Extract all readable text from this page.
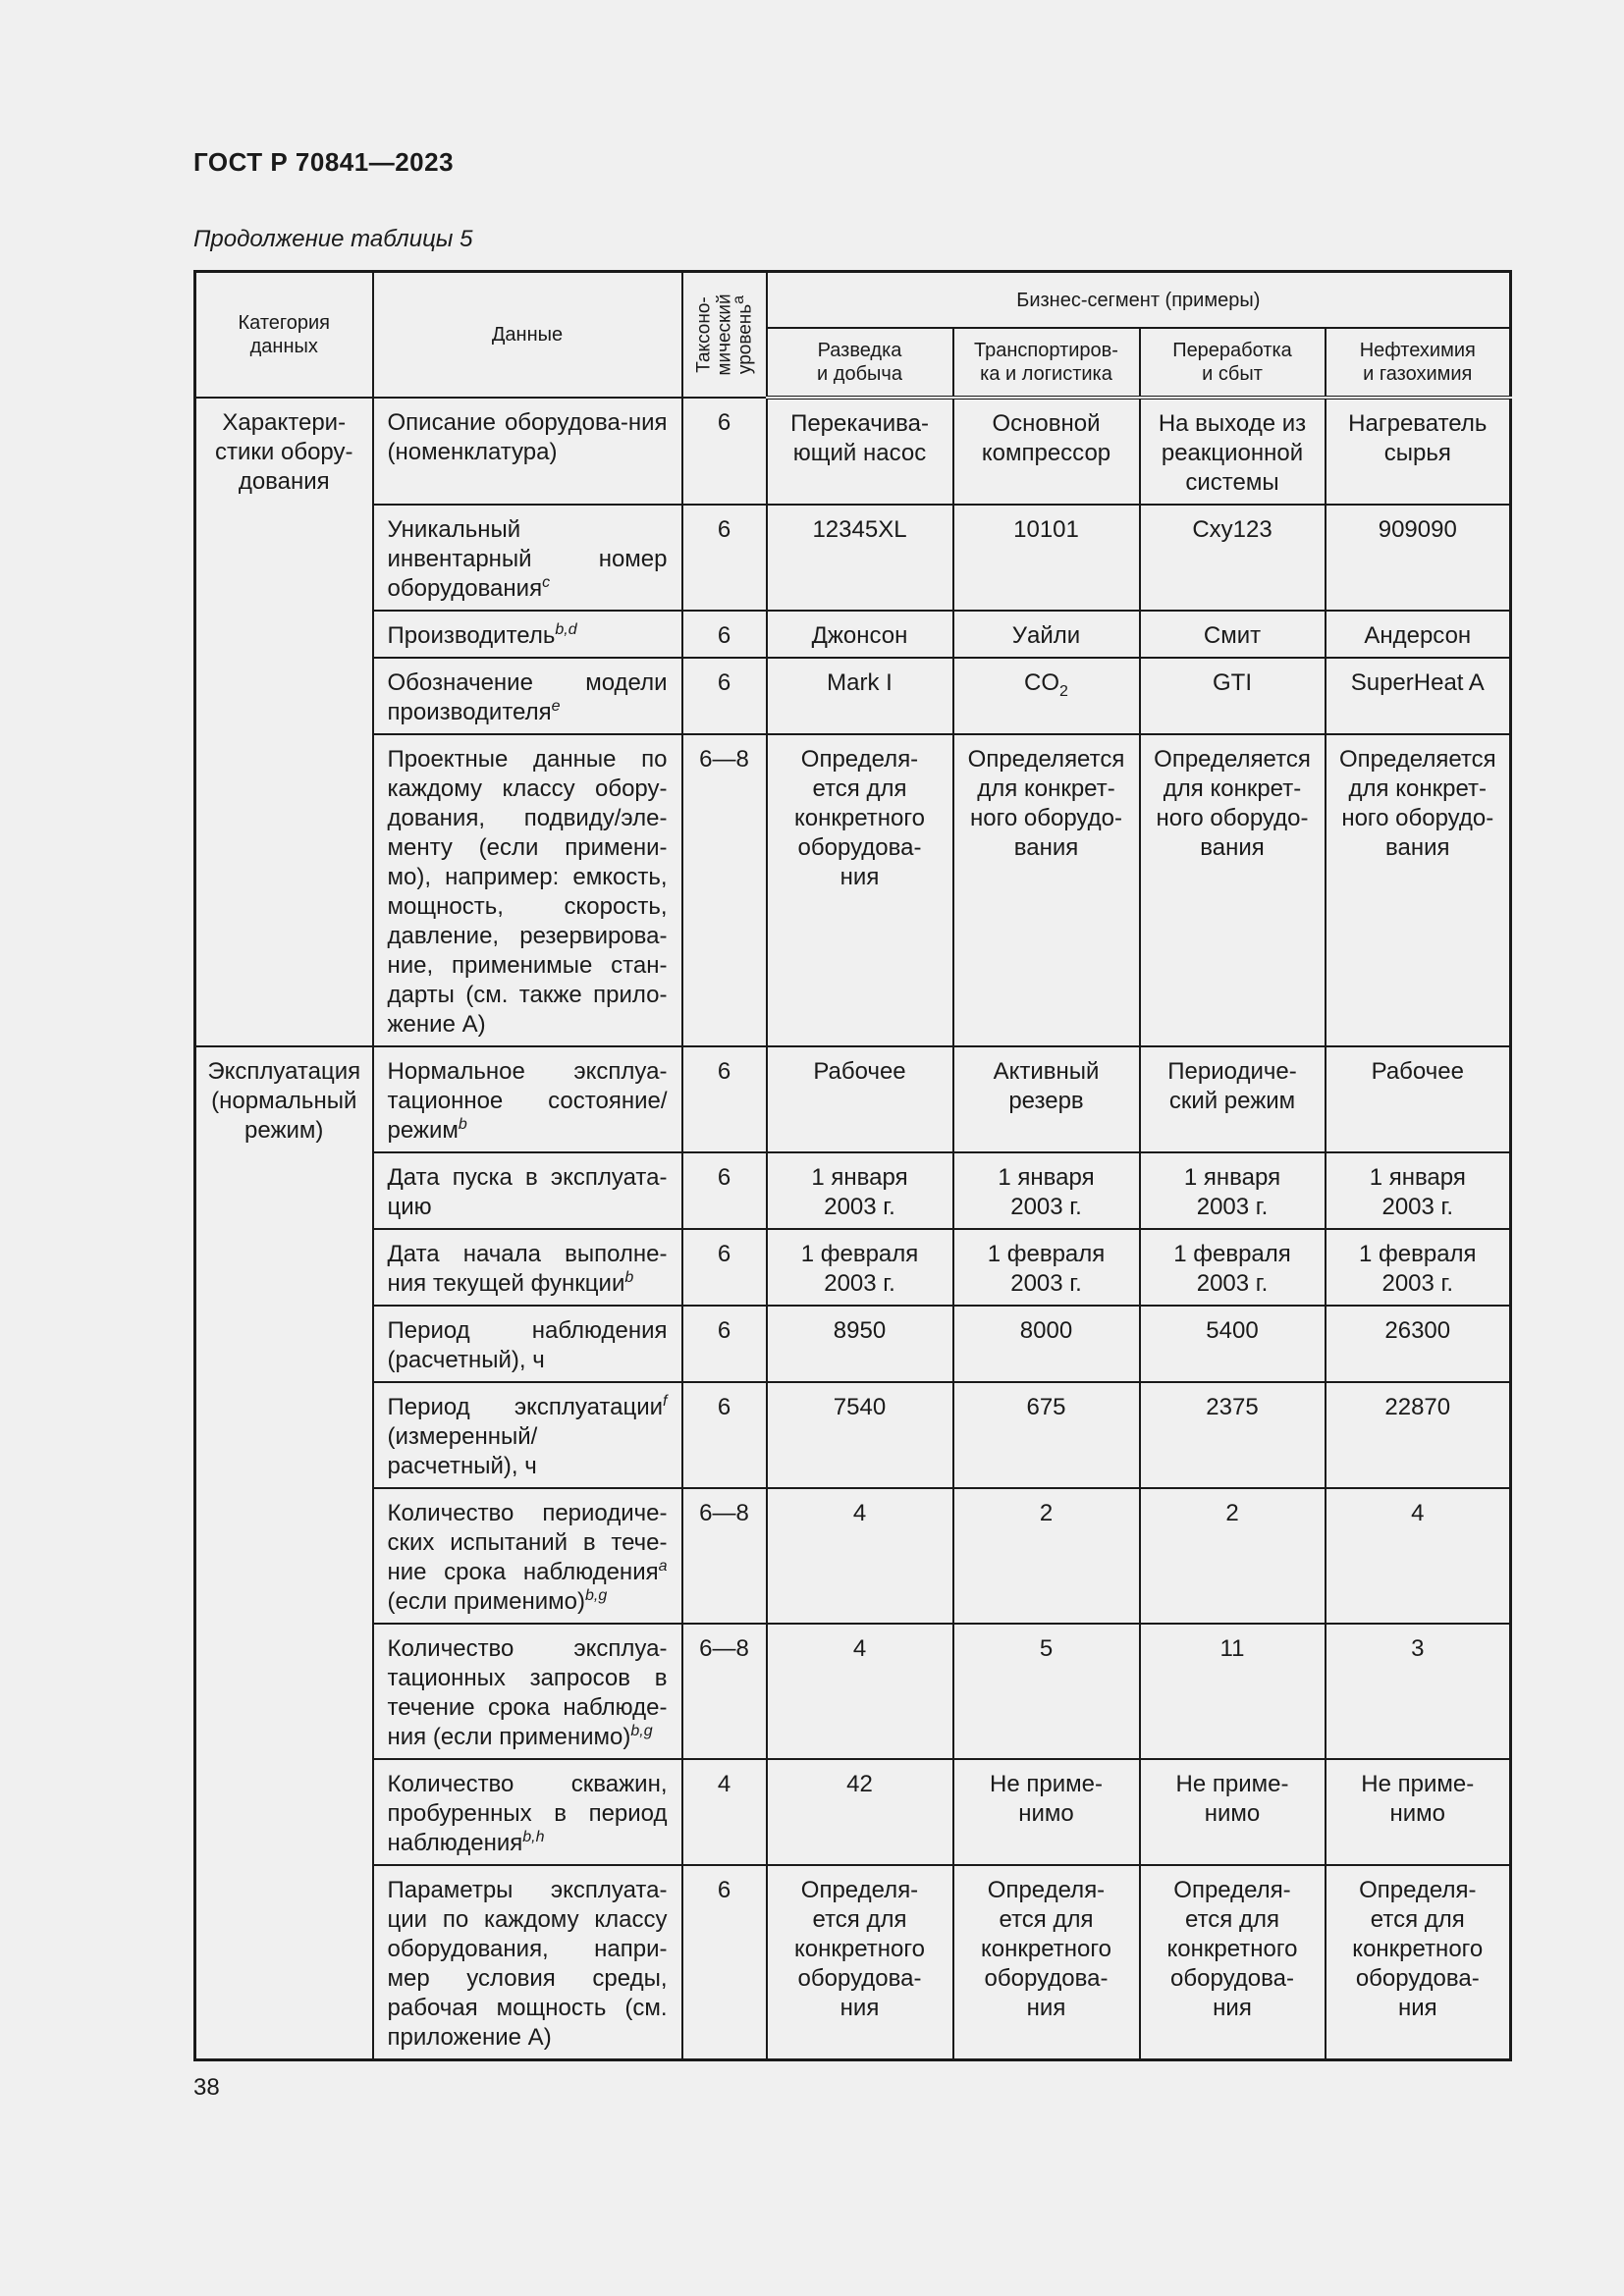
ГОСТ Р 70841—2023
Продолжение таблицы 5
Категория
данных	Данные	Таксоно-
мический
уровень$^a$	Бизнес-сегмент (примеры)			
			Разведка
и добыча	Транспортиров-
ка и логистика	Переработка
и сбыт	Нефтехимия
и газохимия
Характери-
стики обору-
дования	Описание оборудова-ния (номенклатура)	6	Перекачива-
ющий насос	Основной
компрессор	На выходе из
реакционной
системы	Нагреватель
сырья
	Уникальный инвентарный номер оборудования$^c$	6	12345XL	10101	Cxy123	909090
	Производитель$^{b,d}$	6	Джонсон	Уайли	Смит	Андерсон
	Обозначение модели производителя$^e$	6	Mark I	$CO_2$	GTI	SuperHeat A
	Проектные данные по каждому классу обору-дования, подвиду/эле-менту (если примени-мо), например: емкость, мощность, скорость, давление, резервирова-ние, применимые стан-дарты (см. также прило-жение А)	6—8	Определя-
ется для
конкретного
оборудова-
ния	Определяется
для конкрет-
ного оборудо-
вания	Определяется
для конкрет-
ного оборудо-
вания	Определяется
для конкрет-
ного оборудо-
вания
Эксплуатация
(нормальный
режим)	Нормальное эксплуа-тационное состояние/режим$^b$	6	Рабочее	Активный
резерв	Периодиче-
ский режим	Рабочее
	Дата пуска в эксплуата-цию	6	1 января
2003 г.	1 января
2003 г.	1 января
2003 г.	1 января
2003 г.
	Дата начала выполне-ния текущей функции$^b$	6	1 февраля
2003 г.	1 февраля
2003 г.	1 февраля
2003 г.	1 февраля
2003 г.
	Период наблюдения (расчетный), ч	6	8950	8000	5400	26300
	Период эксплуатации$^f$ (измеренный/расчетный), ч	6	7540	675	2375	22870
	Количество периодиче-ских испытаний в тече-ние срока наблюдения$^a$ (если применимо)$^{b,g}$	6—8	4	2	2	4
	Количество эксплуа-тационных запросов в течение срока наблюде-ния (если применимо)$^{b,g}$	6—8	4	5	11	3
	Количество скважин, пробуренных в период наблюдения$^{b,h}$	4	42	Не приме-
нимо	Не приме-
нимо	Не приме-
нимо
	Параметры эксплуата-ции по каждому классу оборудования, напри-мер условия среды, рабочая мощность (см. приложение А)	6	Определя-
ется для
конкретного
оборудова-
ния	Определя-
ется для
конкретного
оборудова-
ния	Определя-
ется для
конкретного
оборудова-
ния	Определя-
ется для
конкретного
оборудова-
ния
38
